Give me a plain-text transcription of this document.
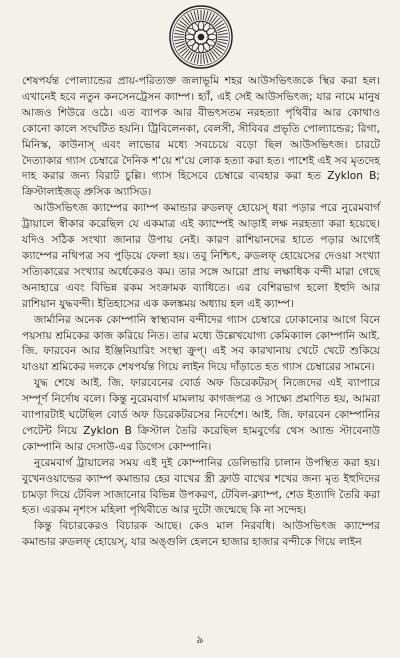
শেষপর্যন্ত পোল্যান্ডের প্রায়-পরিত্যক্ত জলাভূমি শহর আউসভিৎজকে স্থির করা হল। এখানেই হবে নতুন কনসেনট্রেসন ক্যাম্প। হ্যাঁ, এই সেই আউসভিৎজ; যার নামে মানুষ আজও শিউরে ওঠে। এত ব্যাপক আর বীভৎসতম নরহত্যা পৃথিবীর আর কোথাও কোনো কালে সংঘটিত হয়নি। ট্রিবিলেনকা, বেলসী, সীবিবর প্রভৃতি পোল্যান্ডের; রিগা, মিনিস্ক, কাউনাস্ এবং লাভোর মধ্যে সবচেয়ে বড়ো ছিল আউসভিৎজ। চারটে দৈত্যাকার গ্যাস চেম্বারে দৈনিক শ'য়ে শ'য়ে লোক হত্যা করা হত। পাশেই এই সব মৃতদেহ দাহ করার জন্য বিরাট চুল্লি। গ্যাস হিসেবে চেম্বারে ব্যবহার করা হত Zyklon B; ক্রিস্টালাইজড্ প্রুসিক অ্যাসিড।

আউসভিৎজ ক্যাম্পের ক্যাম্প কমান্ডার রুডলফ্ হোয়েস্ ধরা পড়ার পরে নুরেমবার্গ ট্রায়ালে স্বীকার করেছিল যে একমাত্র এই ক্যাম্পেই আড়াই লক্ষ নরহত্যা করা হয়েছে। যদিও সঠিক সংখ্যা জানার উপায় নেই। কারণ রাশিয়ানদের হাতে পড়ার আগেই ক্যাম্পের নথিপত্র সব পুড়িয়ে ফেলা হয়। তবু নিশ্চিৎ, রুডলফ্ হোয়েসের দেওয়া সংখ্যা সত্যিকারের সংখ্যার অর্ধেকেরও কম। তার সঙ্গে আরো প্রায় লক্ষাধিক বন্দী মারা গেছে অনাহারে এবং বিভিন্ন রকম সংক্রামক ব্যাধিতে। এর বেশিরভাগ হলো ইহুদি আর রাশিয়ান যুদ্ধবন্দী। ইতিহাসের এক কলঙ্কময় অধ্যায় হল এই ক্যাম্প।

জার্মানির অনেক কোম্পানি স্বাস্থ্যবান বন্দীদের গ্যাস চেম্বারে ঢোকানোর আগে বিনে পয়সায় শ্রমিকের কাজ করিয়ে নিত। তার মধ্যে উল্লেখযোগ্য কেমিক্যাল কোম্পানি আই. জি. ফারবেন আর ইঞ্জিনিয়ারিং সংস্থা ক্রুপ্। এই সব কারখানায় খেটে খেটে শুকিয়ে যাওয়া শ্রমিকের দলকে শেষপর্যন্ত গিয়ে লাইন দিয়ে দাঁড়াতে হত গ্যাস চেম্বারের সামনে।

যুদ্ধ শেষে আই. জি. ফারবেনের বোর্ড অফ ডিরেকটরস্ নিজেদের এই ব্যাপারে সম্পূর্ণ নির্দোষ বলে। কিন্তু নুরেমবার্গ মামলায় কাগজপত্র ও সাক্ষ্যে প্রমাণিত হয়, আমরা ব্যাপারটাই ঘটেছিল বোর্ড অফ ডিরেকটরসের নির্দেশে। আই. জি. ফারবেন কোম্পানির পেটেন্ট নিয়ে Zyklon B ক্রিস্টাল তৈরি করেছিল হামবুর্গের থেস অ্যান্ড স্টাবেনাউ কোম্পানি আর দেসাউ-এর ডিগেস কোম্পানি।

নুরেমবার্গ ট্রায়ালের সময় এই দুই কোম্পানির ডেলিভারি চালান উপস্থিত করা হয়। বুখেনওয়াল্ডের ক্যাম্প কমান্ডার হের বাখের স্ত্রী ফ্রাউ বাখের শখের জন্য মৃত ইহুদিদের চামড়া দিয়ে টেবিল সাজানোর বিভিন্ন উপকরণ, টেবিল-ক্ল্যাম্প, শেড ইত্যাদি তৈরি করা হত। এরকম নৃশংস মহিলা পৃথিবীতে আর দুটো জন্মেছে কি না সন্দেহ।

কিন্তু বিচারকেরও বিচারক আছে। কেও মাল নিরবধি। আউসভিৎজ ক্যাম্পের কমান্ডার রুডলফ্ হোয়েস্, যার অঙ্গুলি হেলনে হাজার হাজার বন্দীকে গিয়ে লাইন

৯
